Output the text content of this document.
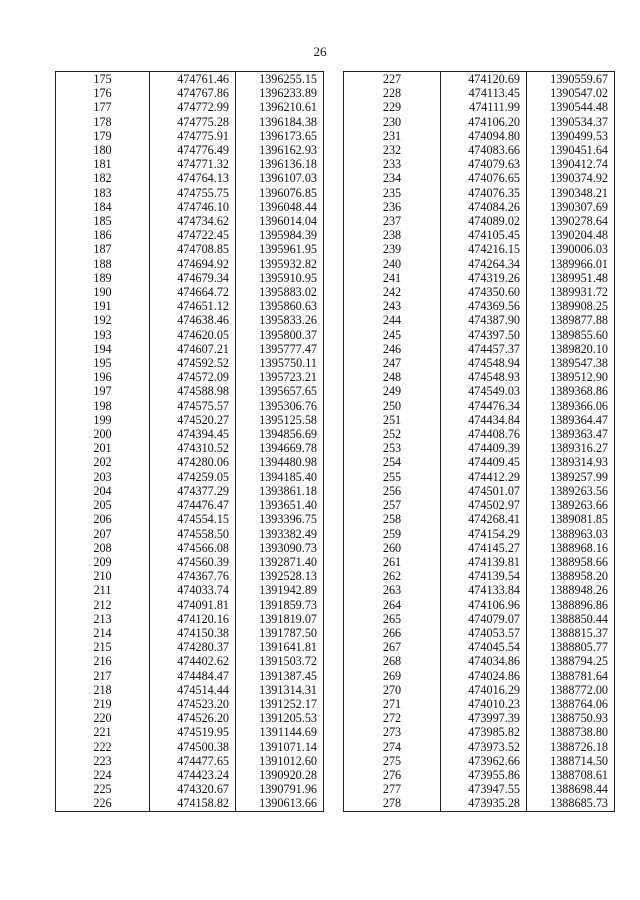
26
175	474761.46	1396255.15
176	474767.86	1396233.89
177	474772.99	1396210.61
178	474775.28	1396184.38
179	474775.91	1396173.65
180	474776.49	1396162.93
181	474771.32	1396136.18
182	474764.13	1396107.03
183	474755.75	1396076.85
184	474746.10	1396048.44
185	474734.62	1396014.04
186	474722.45	1395984.39
187	474708.85	1395961.95
188	474694.92	1395932.82
189	474679.34	1395910.95
190	474664.72	1395883.02
191	474651.12	1395860.63
192	474638.46	1395833.26
193	474620.05	1395800.37
194	474607.21	1395777.47
195	474592.52	1395750.11
196	474572.09	1395723.21
197	474588.98	1395657.65
198	474575.57	1395306.76
199	474520.27	1395125.58
200	474394.45	1394856.69
201	474310.52	1394669.78
202	474280.06	1394480.98
203	474259.05	1394185.40
204	474377.29	1393861.18
205	474476.47	1393651.40
206	474554.15	1393396.75
207	474558.50	1393382.49
208	474566.08	1393090.73
209	474560.39	1392871.40
210	474367.76	1392528.13
211	474033.74	1391942.89
212	474091.81	1391859.73
213	474120.16	1391819.07
214	474150.38	1391787.50
215	474280.37	1391641.81
216	474402.62	1391503.72
217	474484.47	1391387.45
218	474514.44	1391314.31
219	474523.20	1391252.17
220	474526.20	1391205.53
221	474519.95	1391144.69
222	474500.38	1391071.14
223	474477.65	1391012.60
224	474423.24	1390920.28
225	474320.67	1390791.96
226	474158.82	1390613.66
227	474120.69	1390559.67
228	474113.45	1390547.02
229	474111.99	1390544.48
230	474106.20	1390534.37
231	474094.80	1390499.53
232	474083.66	1390451.64
233	474079.63	1390412.74
234	474076.65	1390374.92
235	474076.35	1390348.21
236	474084.26	1390307.69
237	474089.02	1390278.64
238	474105.45	1390204.48
239	474216.15	1390006.03
240	474264.34	1389966.01
241	474319.26	1389951.48
242	474350.60	1389931.72
243	474369.56	1389908.25
244	474387.90	1389877.88
245	474397.50	1389855.60
246	474457.37	1389820.10
247	474548.94	1389547.38
248	474548.93	1389512.90
249	474549.03	1389368.86
250	474476.34	1389366.06
251	474434.84	1389364.47
252	474408.76	1389363.47
253	474409.39	1389316.27
254	474409.45	1389314.93
255	474412.29	1389257.99
256	474501.07	1389263.56
257	474502.97	1389263.66
258	474268.41	1389081.85
259	474154.29	1388963.03
260	474145.27	1388968.16
261	474139.81	1388958.66
262	474139.54	1388958.20
263	474133.84	1388948.26
264	474106.96	1388896.86
265	474079.07	1388850.44
266	474053.57	1388815.37
267	474045.54	1388805.77
268	474034.86	1388794.25
269	474024.86	1388781.64
270	474016.29	1388772.00
271	474010.23	1388764.06
272	473997.39	1388750.93
273	473985.82	1388738.80
274	473973.52	1388726.18
275	473962.66	1388714.50
276	473955.86	1388708.61
277	473947.55	1388698.44
278	473935.28	1388685.73
